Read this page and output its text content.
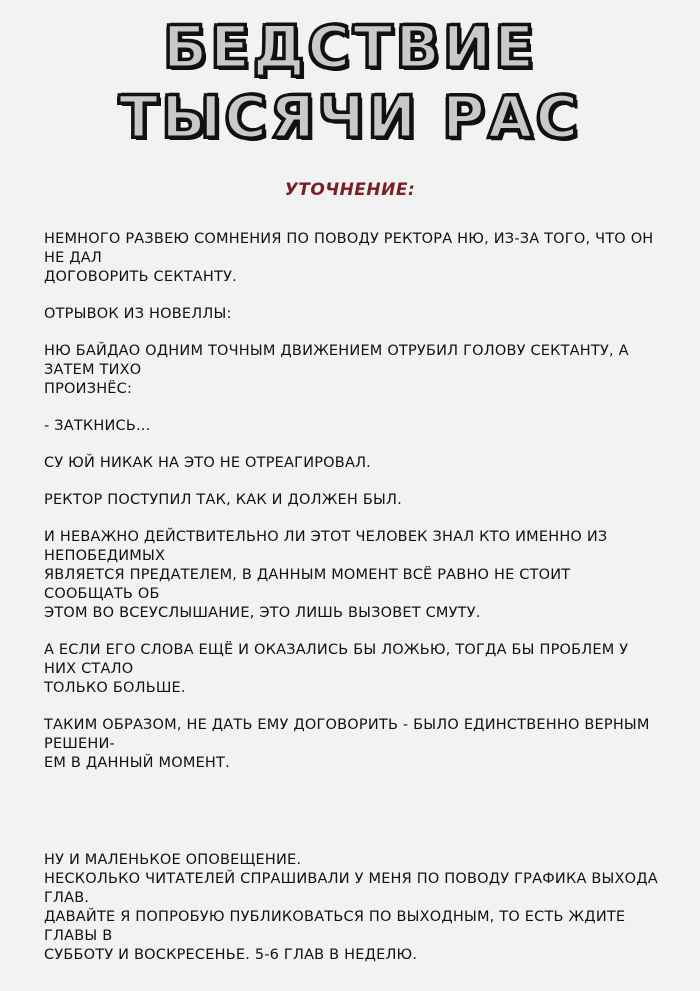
БЕДСТВИЕ
ТЫСЯЧИ РАС
УТОЧНЕНИЕ:

НЕМНОГО РАЗВЕЮ СОМНЕНИЯ ПО ПОВОДУ РЕКТОРА НЮ, ИЗ-ЗА ТОГО, ЧТО ОН НЕ ДАЛ
ДОГОВОРИТЬ СЕКТАНТУ.

ОТРЫВОК ИЗ НОВЕЛЛЫ:

НЮ БАЙДАО ОДНИМ ТОЧНЫМ ДВИЖЕНИЕМ ОТРУБИЛ ГОЛОВУ СЕКТАНТУ, А ЗАТЕМ ТИХО
ПРОИЗНЁС:

- ЗАТКНИСЬ...

СУ ЮЙ НИКАК НА ЭТО НЕ ОТРЕАГИРОВАЛ.

РЕКТОР ПОСТУПИЛ ТАК, КАК И ДОЛЖЕН БЫЛ.

И НЕВАЖНО ДЕЙСТВИТЕЛЬНО ЛИ ЭТОТ ЧЕЛОВЕК ЗНАЛ КТО ИМЕННО ИЗ НЕПОБЕДИМЫХ
ЯВЛЯЕТСЯ ПРЕДАТЕЛЕМ, В ДАННЫМ МОМЕНТ ВСЁ РАВНО НЕ СТОИТ СООБЩАТЬ ОБ
ЭТОМ ВО ВСЕУСЛЫШАНИЕ, ЭТО ЛИШЬ ВЫЗОВЕТ СМУТУ.

А ЕСЛИ ЕГО СЛОВА ЕЩЁ И ОКАЗАЛИСЬ БЫ ЛОЖЬЮ, ТОГДА БЫ ПРОБЛЕМ У НИХ СТАЛО
ТОЛЬКО БОЛЬШЕ.

ТАКИМ ОБРАЗОМ, НЕ ДАТЬ ЕМУ ДОГОВОРИТЬ - БЫЛО ЕДИНСТВЕННО ВЕРНЫМ РЕШЕНИ-
ЕМ В ДАННЫЙ МОМЕНТ.

НУ И МАЛЕНЬКОЕ ОПОВЕЩЕНИЕ.
НЕСКОЛЬКО ЧИТАТЕЛЕЙ СПРАШИВАЛИ У МЕНЯ ПО ПОВОДУ ГРАФИКА ВЫХОДА ГЛАВ.
ДАВАЙТЕ Я ПОПРОБУЮ ПУБЛИКОВАТЬСЯ ПО ВЫХОДНЫМ, ТО ЕСТЬ ЖДИТЕ ГЛАВЫ В
СУББОТУ И ВОСКРЕСЕНЬЕ. 5-6 ГЛАВ В НЕДЕЛЮ.
